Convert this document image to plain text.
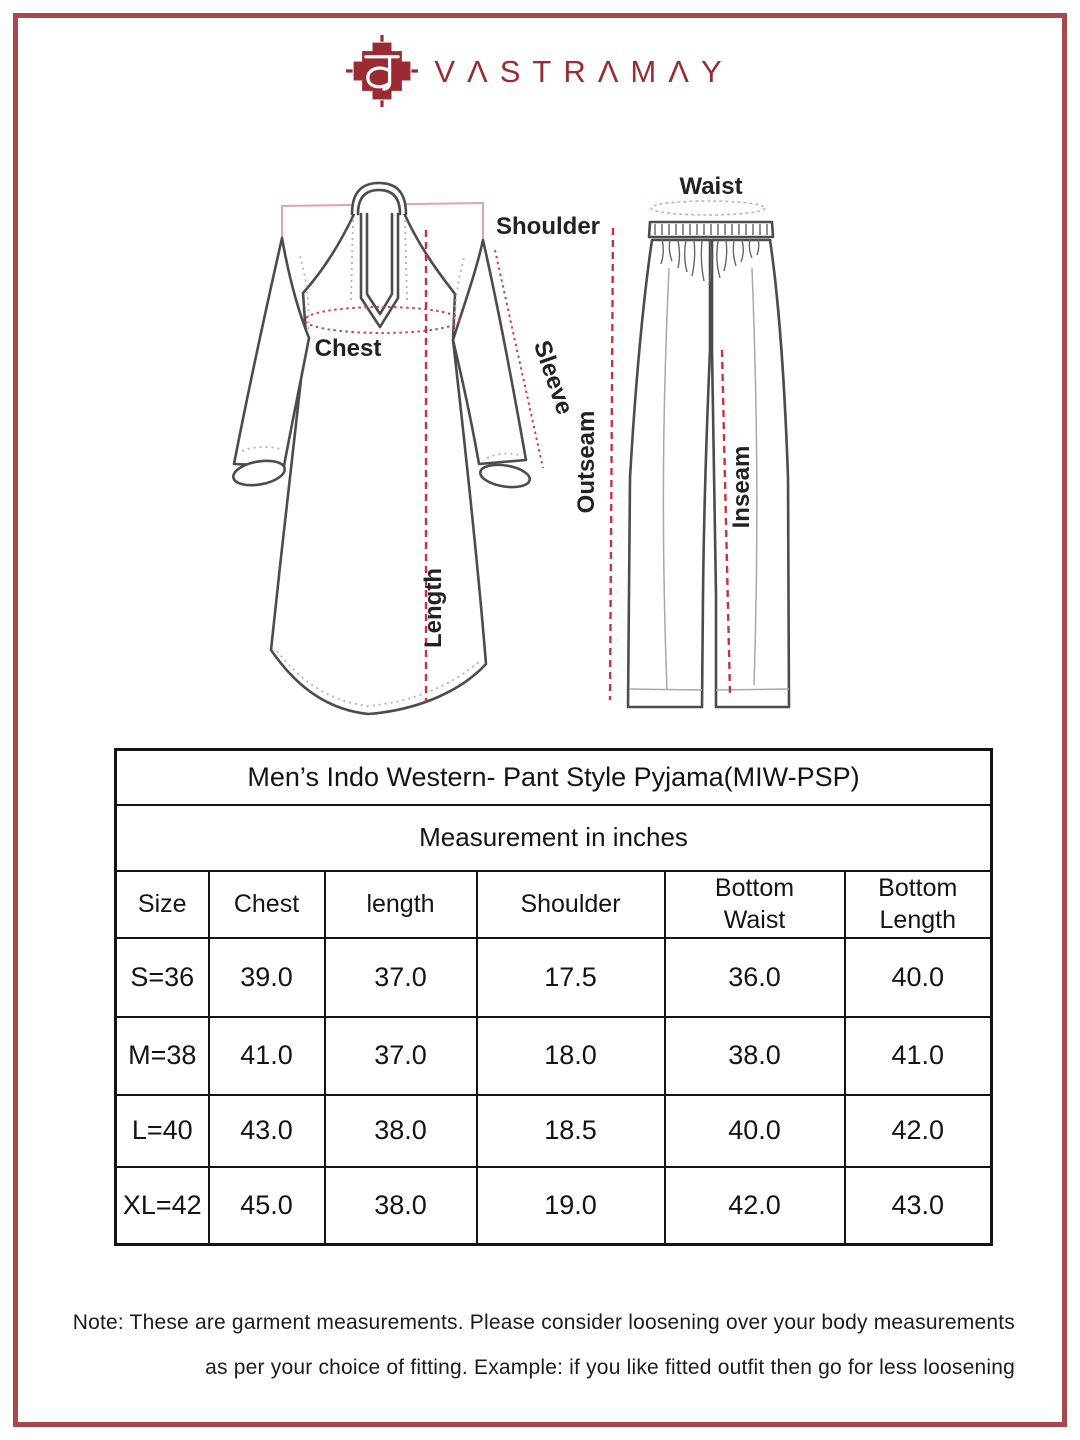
VΛSTRΛMΛY
Shoulder
Chest	Sleeve
Length
Waist
Outseam	Inseam
Men’s Indo Western- Pant Style Pyjama(MIW-PSP)					
Measurement in inches					
Size	Chest	length	Shoulder	Bottom Waist	Bottom Length
S=36	39.0	37.0	17.5	36.0	40.0
M=38	41.0	37.0	18.0	38.0	41.0
L=40	43.0	38.0	18.5	40.0	42.0
XL=42	45.0	38.0	19.0	42.0	43.0
Note: These are garment measurements. Please consider loosening over your body measurements
as per your choice of fitting. Example: if you like fitted outfit then go for less loosening
